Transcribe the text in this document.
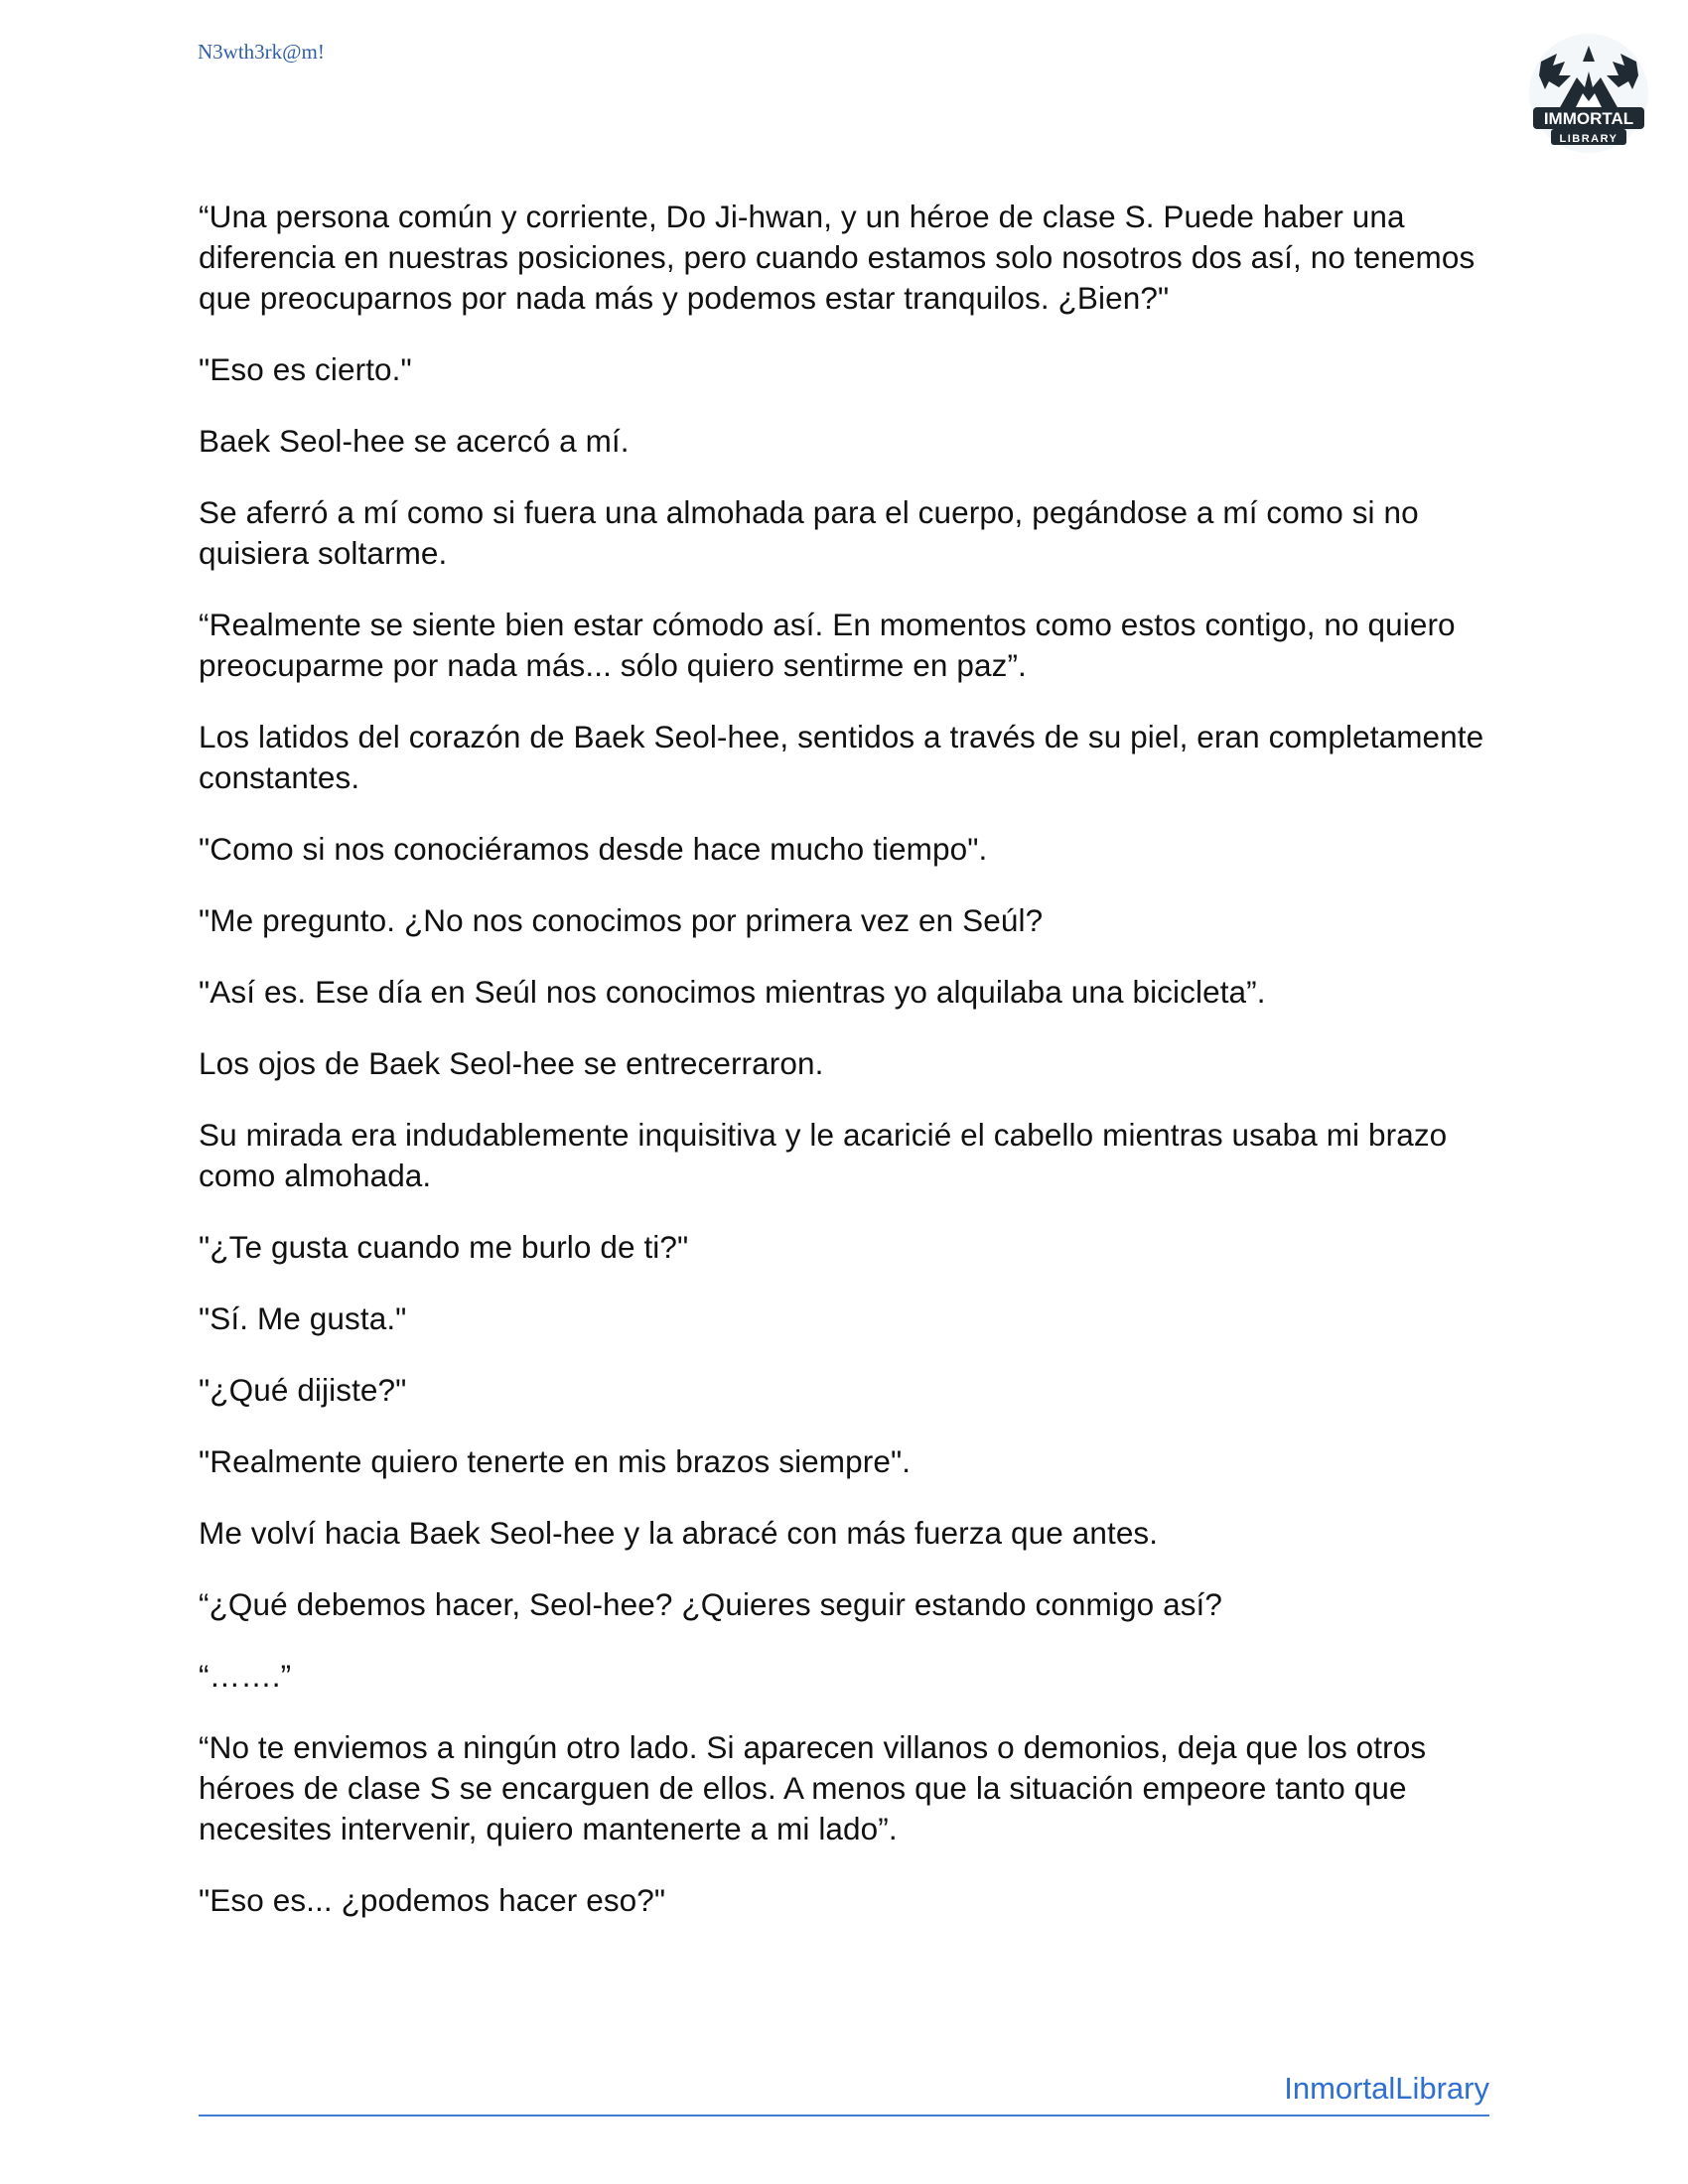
N3wth3rk@m!
IMMORTAL
LIBRARY

“Una persona común y corriente, Do Ji-hwan, y un héroe de clase S. Puede haber una diferencia en nuestras posiciones, pero cuando estamos solo nosotros dos así, no tenemos que preocuparnos por nada más y podemos estar tranquilos. ¿Bien?"

"Eso es cierto."

Baek Seol-hee se acercó a mí.

Se aferró a mí como si fuera una almohada para el cuerpo, pegándose a mí como si no quisiera soltarme.

“Realmente se siente bien estar cómodo así. En momentos como estos contigo, no quiero preocuparme por nada más... sólo quiero sentirme en paz”.

Los latidos del corazón de Baek Seol-hee, sentidos a través de su piel, eran completamente constantes.

"Como si nos conociéramos desde hace mucho tiempo".

"Me pregunto. ¿No nos conocimos por primera vez en Seúl?

"Así es. Ese día en Seúl nos conocimos mientras yo alquilaba una bicicleta”.

Los ojos de Baek Seol-hee se entrecerraron.

Su mirada era indudablemente inquisitiva y le acaricié el cabello mientras usaba mi brazo como almohada.

"¿Te gusta cuando me burlo de ti?"

"Sí. Me gusta."

"¿Qué dijiste?"

"Realmente quiero tenerte en mis brazos siempre".

Me volví hacia Baek Seol-hee y la abracé con más fuerza que antes.

“¿Qué debemos hacer, Seol-hee? ¿Quieres seguir estando conmigo así?

“…….”

“No te enviemos a ningún otro lado. Si aparecen villanos o demonios, deja que los otros héroes de clase S se encarguen de ellos. A menos que la situación empeore tanto que necesites intervenir, quiero mantenerte a mi lado”.

"Eso es... ¿podemos hacer eso?"

InmortalLibrary
